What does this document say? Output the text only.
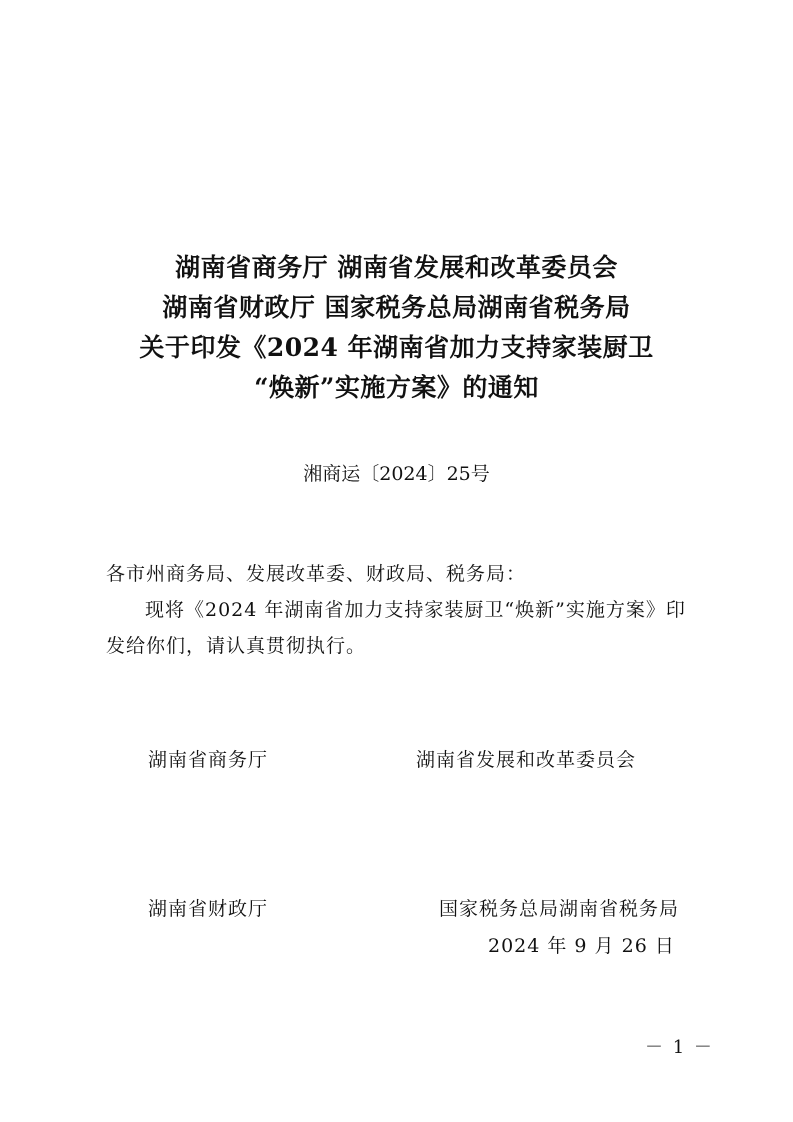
湖南省商务厅 湖南省发展和改革委员会
湖南省财政厅 国家税务总局湖南省税务局
关于印发《2024 年湖南省加力支持家装厨卫
“焕新”实施方案》的通知
湘商运〔2024〕25号
各市州商务局、发展改革委、财政局、税务局：
现将《2024 年湖南省加力支持家装厨卫“焕新”实施方案》印
发给你们，请认真贯彻执行。
湖南省商务厅	湖南省发展和改革委员会
湖南省财政厅	国家税务总局湖南省税务局
2024 年 9 月 26 日
－ 1 －
